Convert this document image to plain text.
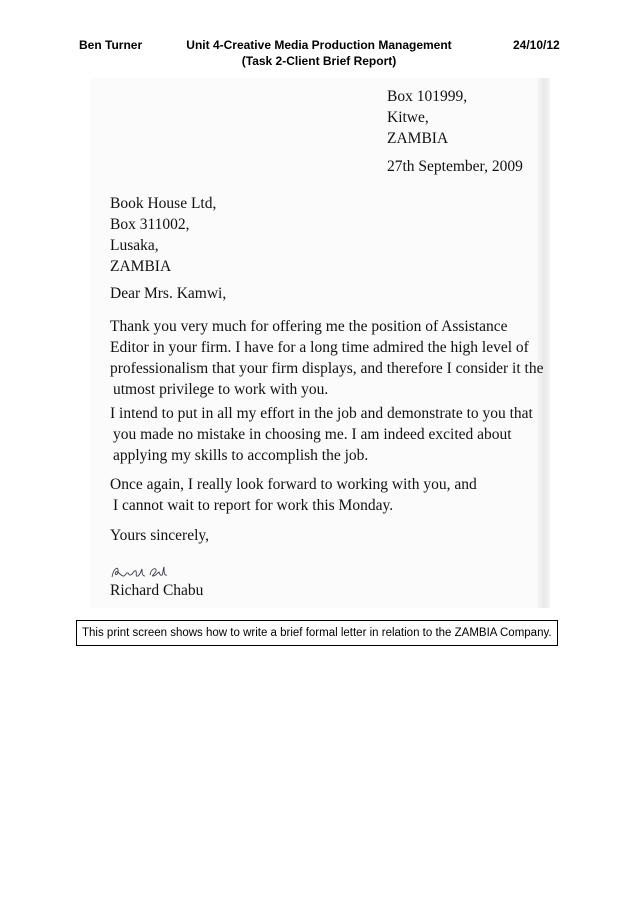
Ben Turner	Unit 4-Creative Media Production Management
(Task 2-Client Brief Report)
24/10/12
Box 101999,
Kitwe,
ZAMBIA
27th September, 2009
Book House Ltd,
Box 311002,
Lusaka,
ZAMBIA
Dear Mrs. Kamwi,
Thank you very much for offering me the position of Assistance
Editor in your firm. I have for a long time admired the high level of
professionalism that your firm displays, and therefore I consider it the
utmost privilege to work with you.
I intend to put in all my effort in the job and demonstrate to you that
you made no mistake in choosing me. I am indeed excited about
applying my skills to accomplish the job.
Once again, I really look forward to working with you, and
I cannot wait to report for work this Monday.
Yours sincerely,
Richard Chabu
This print screen shows how to write a brief formal letter in relation to the ZAMBIA Company.
